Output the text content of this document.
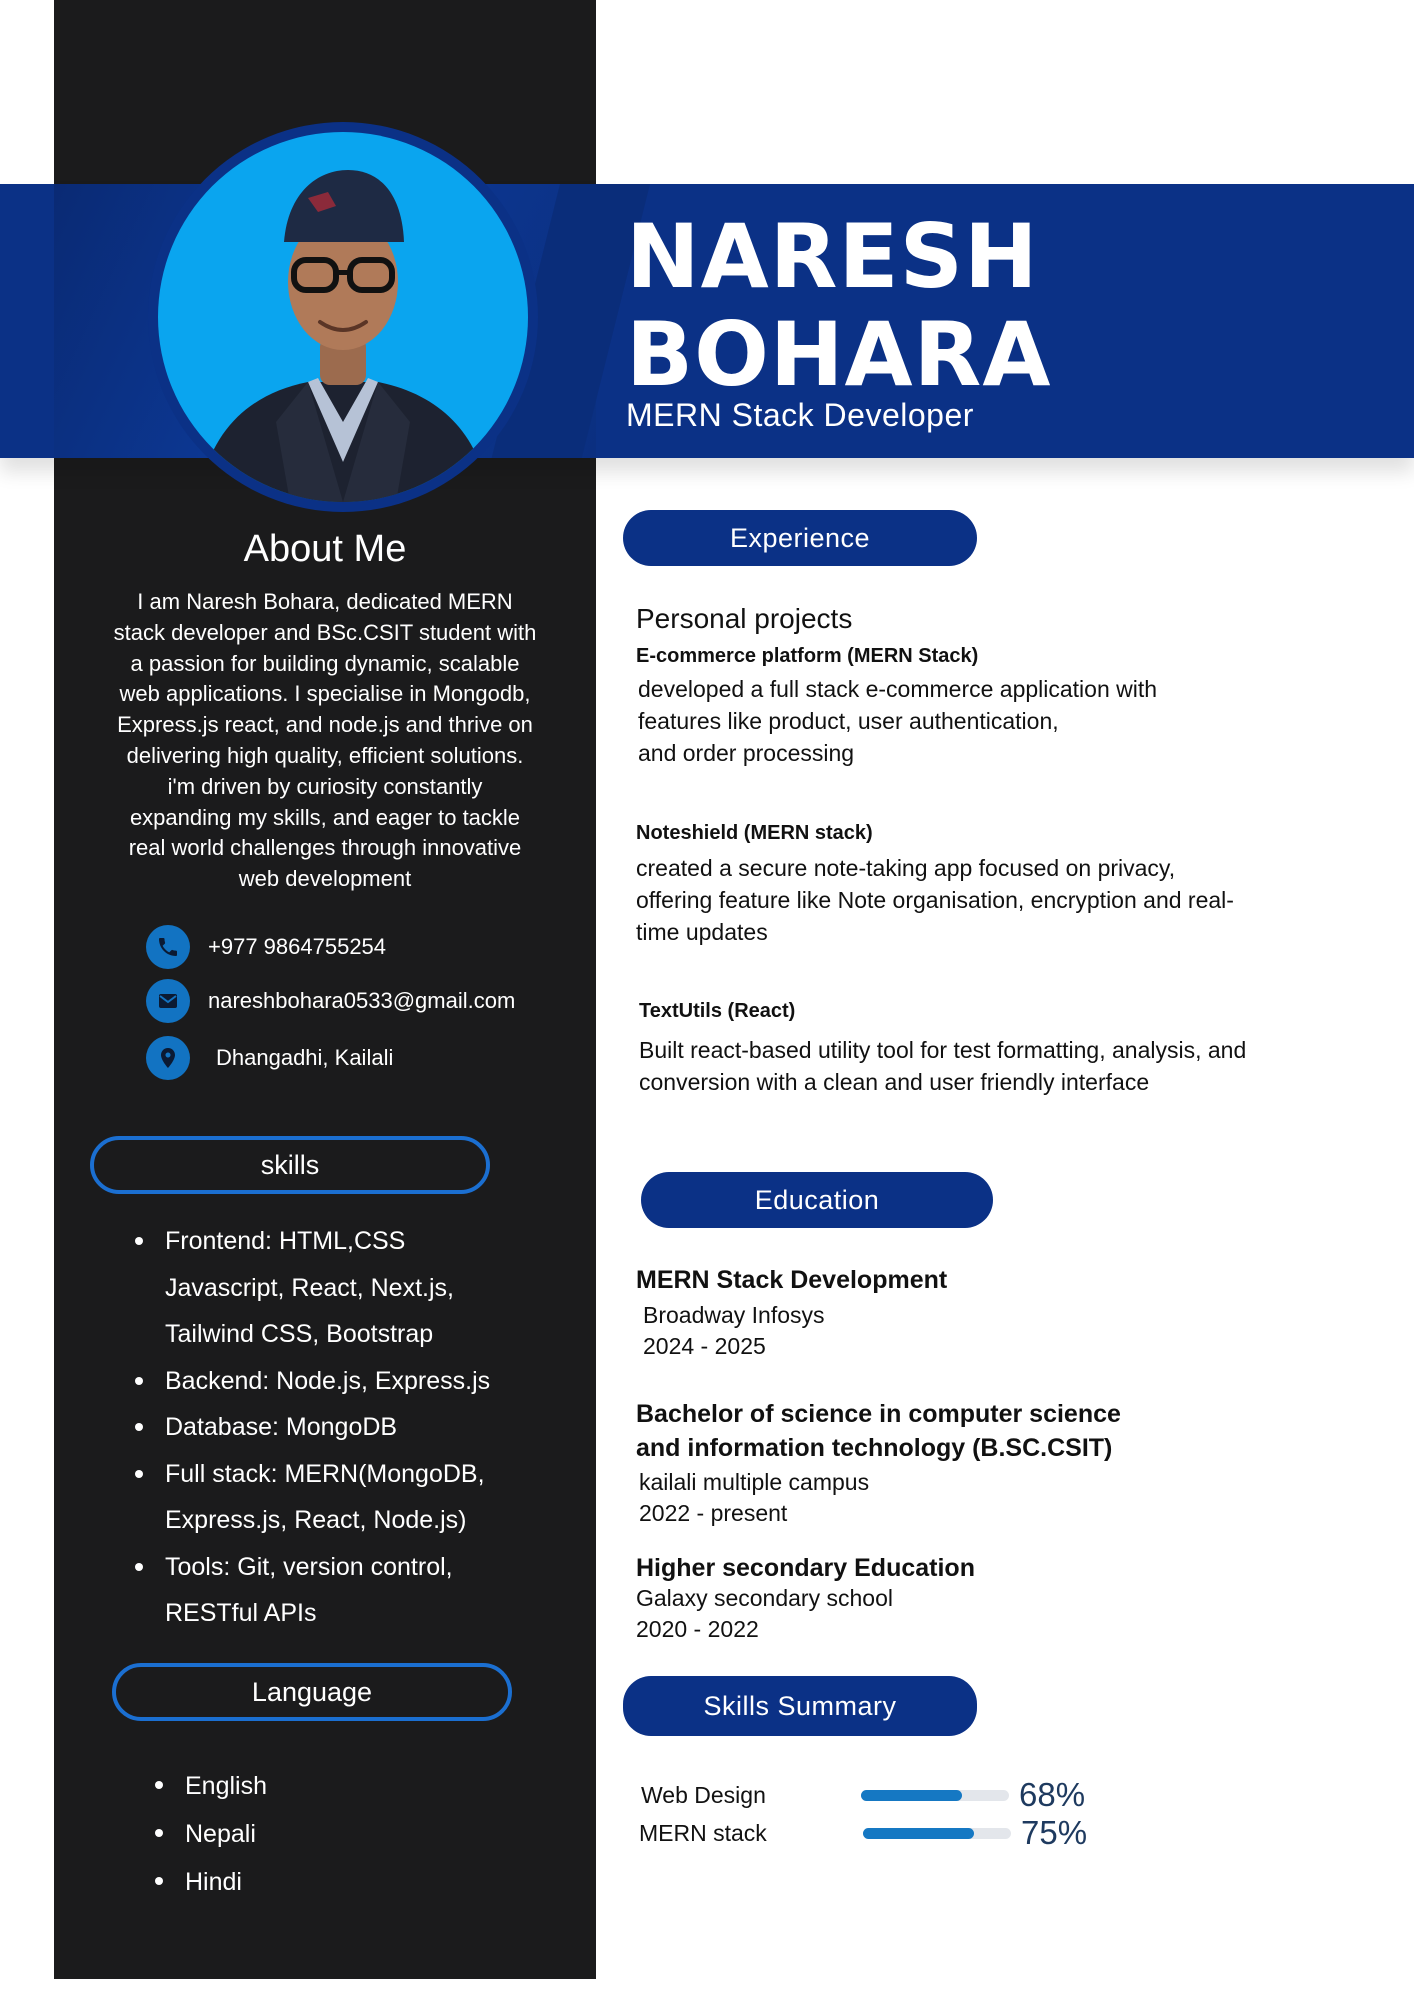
NARESH
BOHARA

MERN Stack Developer

About Me

I am Naresh Bohara, dedicated MERN
stack developer and BSc.CSIT student with
a passion for building dynamic, scalable
web applications. I specialise in Mongodb,
Express.js react, and node.js and thrive on
delivering high quality, efficient solutions.
i'm driven by curiosity constantly
expanding my skills, and eager to tackle
real world challenges through innovative
web development

+977 9864755254
nareshbohara0533@gmail.com
Dhangadhi, Kailali
skills
Frontend: HTML,CSS
Javascript, React, Next.js,
Tailwind CSS, Bootstrap
Backend: Node.js, Express.js
Database: MongoDB
Full stack: MERN(MongoDB,
Express.js, React, Node.js)
Tools: Git, version control,
RESTful APIs
Language
English
Nepali
Hindi
Experience

Personal projects

E-commerce platform (MERN Stack)

developed a full stack e-commerce application with
features like product, user authentication,
and order processing

Noteshield (MERN stack)

created a secure note-taking app focused on privacy,
offering feature like Note organisation, encryption and real-
time updates

TextUtils (React)

Built react-based utility tool for test formatting, analysis, and
conversion with a clean and user friendly interface

Education

MERN Stack Development

Broadway Infosys
2024 - 2025

Bachelor of science in computer science
and information technology (B.SC.CSIT)

kailali multiple campus
2022 - present

Higher secondary Education

Galaxy secondary school
2020 - 2022

Skills Summary
Web Design	68%
MERN stack	75%
